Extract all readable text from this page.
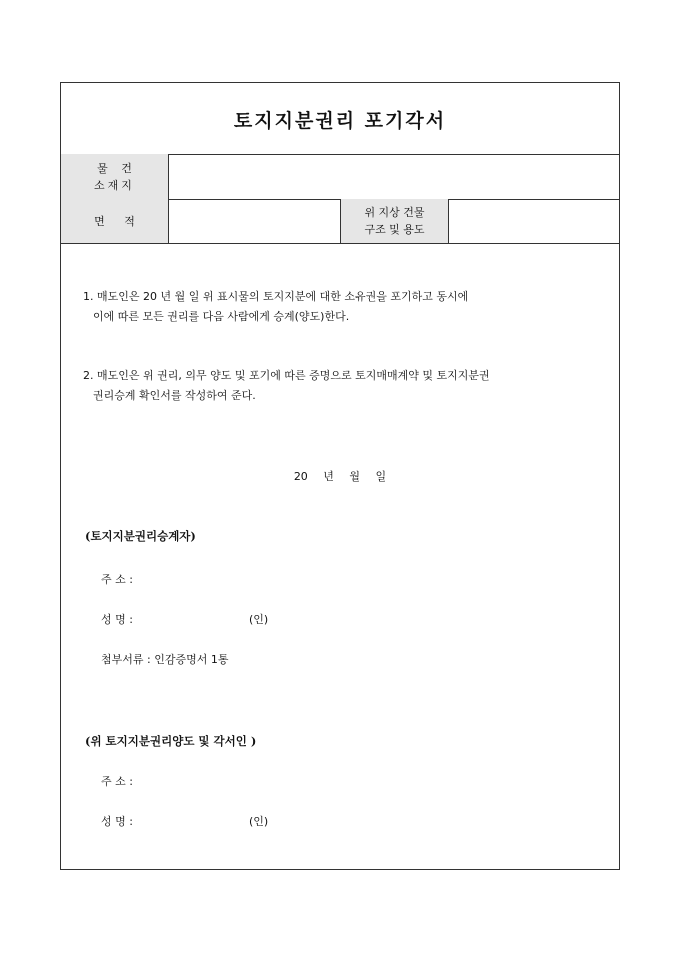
토지지분권리 포기각서
물 건
소재지
면 적
위 지상 건물
구조 및 용도
1. 매도인은 20 년 월 일 위 표시물의 토지지분에 대한 소유권을 포기하고 동시에
이에 따른 모든 권리를 다음 사람에게 승계(양도)한다.
2. 매도인은 위 권리, 의무 양도 및 포기에 따른 증명으로 토지매매계약 및 토지지분권
권리승계 확인서를 작성하여 준다.
20 년 월 일
(토지지분권리승계자)
주 소 :
성 명 :	(인)
첨부서류 : 인감증명서 1통
(위 토지지분권리양도 및 각서인 )
주 소 :
성 명 :	(인)
